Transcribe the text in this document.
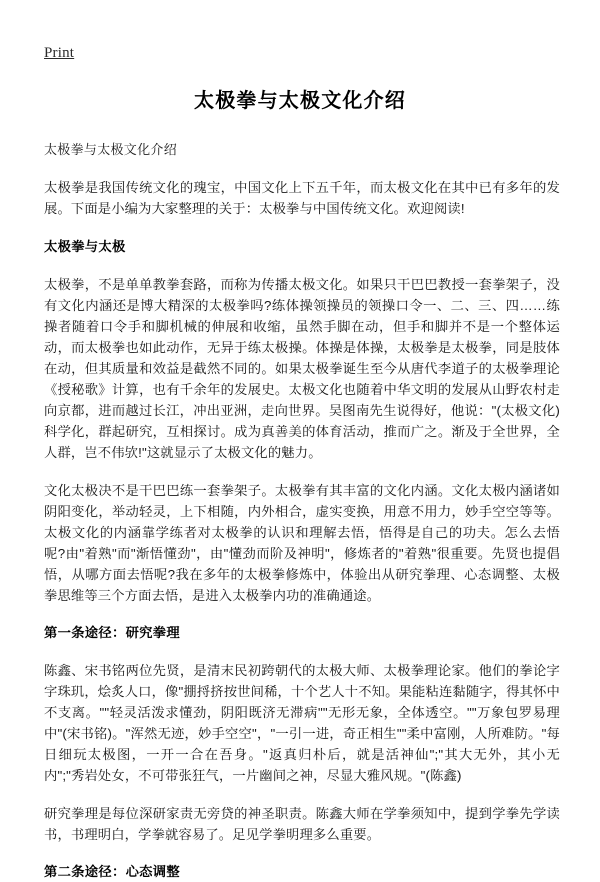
Print
太极拳与太极文化介绍
太极拳与太极文化介绍

太极拳是我国传统文化的瑰宝，中国文化上下五千年，而太极文化在其中已有多年的发展。下面是小编为大家整理的关于：太极拳与中国传统文化。欢迎阅读!

太极拳与太极

太极拳，不是单单教拳套路，而称为传播太极文化。如果只干巴巴教授一套拳架子，没有文化内涵还是博大精深的太极拳吗?练体操领操员的领操口令一、二、三、四……练操者随着口令手和脚机械的伸展和收缩，虽然手脚在动，但手和脚并不是一个整体运动，而太极拳也如此动作，无异于练太极操。体操是体操，太极拳是太极拳，同是肢体在动，但其质量和效益是截然不同的。如果太极拳诞生至今从唐代李道子的太极拳理论《授秘歌》计算，也有千余年的发展史。太极文化也随着中华文明的发展从山野农村走向京都，进而越过长江，冲出亚洲，走向世界。吴图南先生说得好，他说："(太极文化)科学化，群起研究，互相探讨。成为真善美的体育活动，推而广之。渐及于全世界，全人群，岂不伟欤!"这就显示了太极文化的魅力。

文化太极决不是干巴巴练一套拳架子。太极拳有其丰富的文化内涵。文化太极内涵诸如阴阳变化，举动轻灵，上下相随，内外相合，虚实变换，用意不用力，妙手空空等等。太极文化的内涵靠学练者对太极拳的认识和理解去悟，悟得是自己的功夫。怎么去悟呢?由"着熟"而"渐悟懂劲"，由"懂劲而阶及神明"，修炼者的"着熟"很重要。先贤也提倡悟，从哪方面去悟呢?我在多年的太极拳修炼中，体验出从研究拳理、心态调整、太极拳思维等三个方面去悟，是进入太极拳内功的准确通途。

第一条途径：研究拳理

陈鑫、宋书铭两位先贤，是清末民初跨朝代的太极大师、太极拳理论家。他们的拳论字字珠玑，烩炙人口，像"掤捋挤按世间稀，十个艺人十不知。果能粘连黏随字，得其怀中不支离。""轻灵活泼求懂劲，阴阳既济无滞病""无形无象，全体透空。""万象包罗易理中"(宋书铭)。"浑然无迹，妙手空空"，"一引一进，奇正相生""柔中富刚，人所难防。"每日细玩太极图，一开一合在吾身。"返真归朴后，就是活神仙";"其大无外，其小无内";"秀岩处女，不可带张狂气，一片幽间之神，尽显大雅风规。"(陈鑫)

研究拳理是每位深研家责无旁贷的神圣职责。陈鑫大师在学拳须知中，提到学拳先学读书，书理明白，学拳就容易了。足见学拳明理多么重要。

第二条途径：心态调整
